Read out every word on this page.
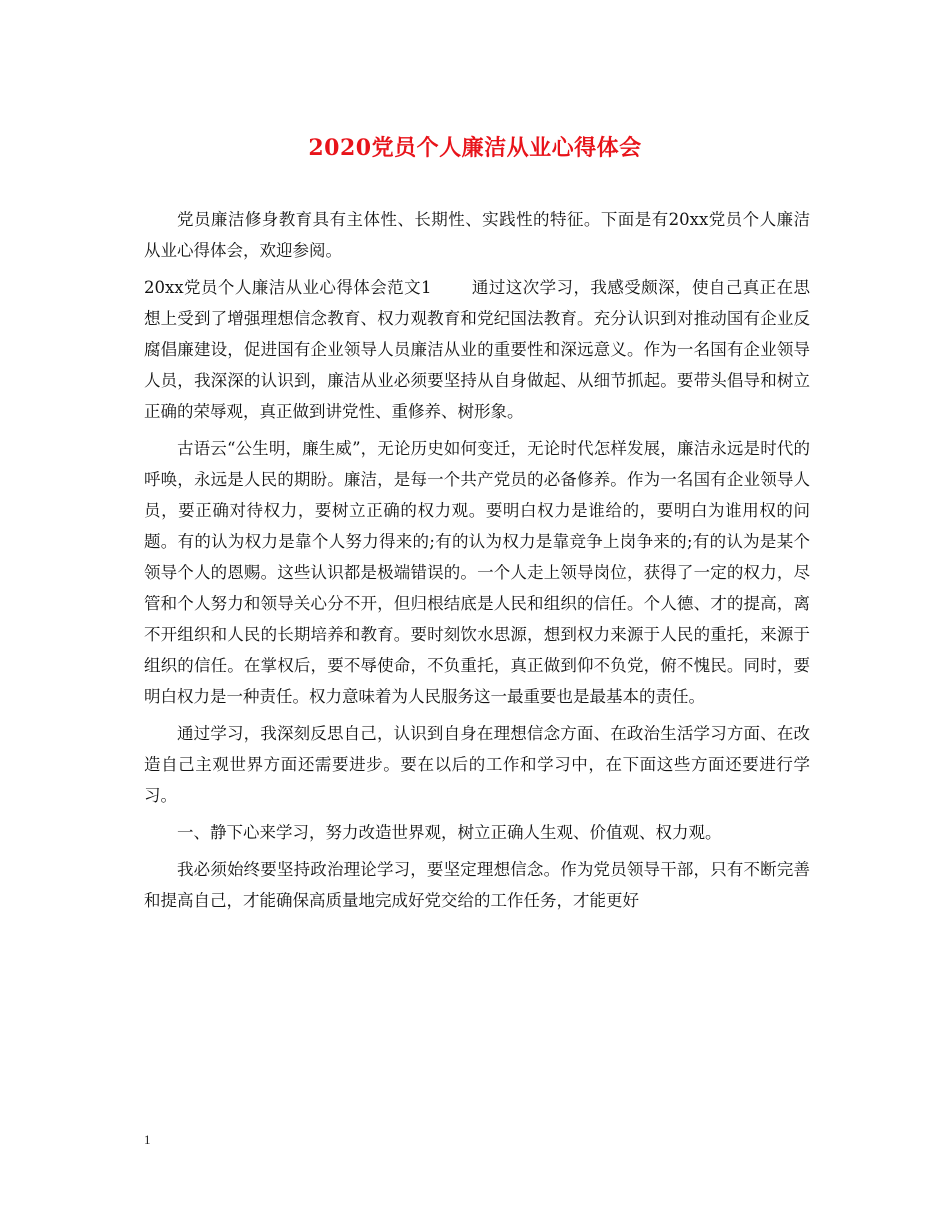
2020党员个人廉洁从业心得体会

党员廉洁修身教育具有主体性、长期性、实践性的特征。下面是有20xx党员个人廉洁从业心得体会，欢迎参阅。

20xx党员个人廉洁从业心得体会范文1 通过这次学习，我感受颇深，使自己真正在思想上受到了增强理想信念教育、权力观教育和党纪国法教育。充分认识到对推动国有企业反腐倡廉建设，促进国有企业领导人员廉洁从业的重要性和深远意义。作为一名国有企业领导人员，我深深的认识到，廉洁从业必须要坚持从自身做起、从细节抓起。要带头倡导和树立正确的荣辱观，真正做到讲党性、重修养、树形象。

古语云“公生明，廉生威”，无论历史如何变迁，无论时代怎样发展，廉洁永远是时代的呼唤，永远是人民的期盼。廉洁，是每一个共产党员的必备修养。作为一名国有企业领导人员，要正确对待权力，要树立正确的权力观。要明白权力是谁给的，要明白为谁用权的问题。有的认为权力是靠个人努力得来的;有的认为权力是靠竞争上岗争来的;有的认为是某个领导个人的恩赐。这些认识都是极端错误的。一个人走上领导岗位，获得了一定的权力，尽管和个人努力和领导关心分不开，但归根结底是人民和组织的信任。个人德、才的提高，离不开组织和人民的长期培养和教育。要时刻饮水思源，想到权力来源于人民的重托，来源于组织的信任。在掌权后，要不辱使命，不负重托，真正做到仰不负党，俯不愧民。同时，要明白权力是一种责任。权力意味着为人民服务这一最重要也是最基本的责任。

通过学习，我深刻反思自己，认识到自身在理想信念方面、在政治生活学习方面、在改造自己主观世界方面还需要进步。要在以后的工作和学习中，在下面这些方面还要进行学习。

一、静下心来学习，努力改造世界观，树立正确人生观、价值观、权力观。

我必须始终要坚持政治理论学习，要坚定理想信念。作为党员领导干部，只有不断完善和提高自己，才能确保高质量地完成好党交给的工作任务，才能更好

1
